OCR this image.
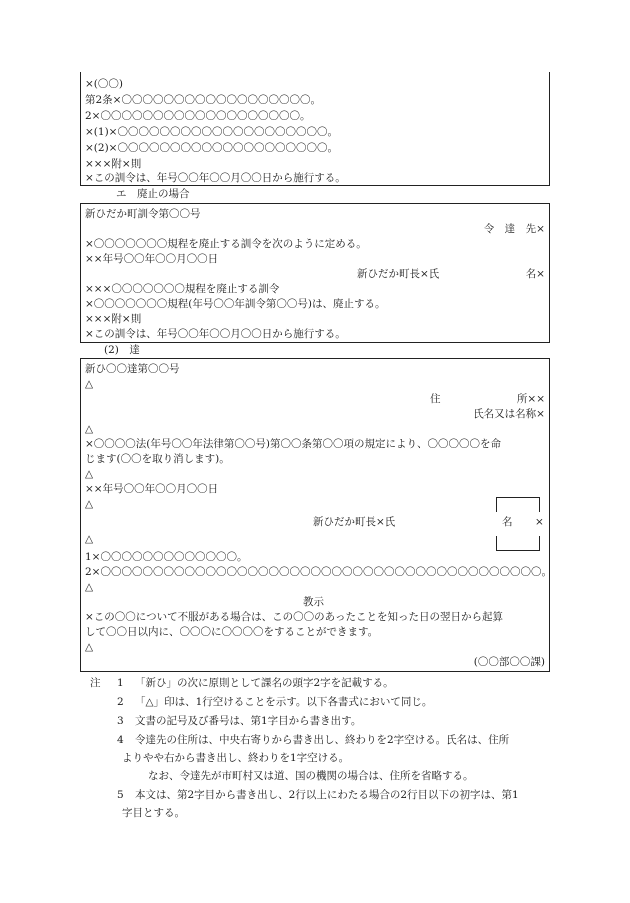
×(〇〇)
第2条×〇〇〇〇〇〇〇〇〇〇〇〇〇〇〇〇〇〇。
2×〇〇〇〇〇〇〇〇〇〇〇〇〇〇〇〇〇〇〇。
×(1)×〇〇〇〇〇〇〇〇〇〇〇〇〇〇〇〇〇〇〇〇。
×(2)×〇〇〇〇〇〇〇〇〇〇〇〇〇〇〇〇〇〇〇〇。
×××附×則
×この訓令は、年号〇〇年〇〇月〇〇日から施行する。
エ　廃止の場合
新ひだか町訓令第〇〇号
令　達　先×
×〇〇〇〇〇〇〇規程を廃止する訓令を次のように定める。
××年号〇〇年〇〇月〇〇日
新ひだか町長×氏	名×
×××〇〇〇〇〇〇〇規程を廃止する訓令
×〇〇〇〇〇〇〇規程(年号〇〇年訓令第〇〇号)は、廃止する。
×××附×則
×この訓令は、年号〇〇年〇〇月〇〇日から施行する。
(2)　達
新ひ〇〇達第〇〇号
△
住	所××
氏名又は名称×
△
×〇〇〇〇法(年号〇〇年法律第〇〇号)第〇〇条第〇〇項の規定により、〇〇〇〇〇を命
じます(〇〇を取り消します)。
△
××年号〇〇年〇〇月〇〇日
△
新ひだか町長×氏
△
1×〇〇〇〇〇〇〇〇〇〇〇〇〇。
2×〇〇〇〇〇〇〇〇〇〇〇〇〇〇〇〇〇〇〇〇〇〇〇〇〇〇〇〇〇〇〇〇〇〇〇〇〇〇〇〇〇〇。
△
教示
×この〇〇について不服がある場合は、この〇〇のあったことを知った日の翌日から起算
して〇〇日以内に、〇〇〇に〇〇〇〇をすることができます。
△
(〇〇部〇〇課)
名 ×
注 1 「新ひ」の次に原則として課名の頭字2字を記載する。
2 「△」印は、1行空けることを示す。以下各書式において同じ。
3 文書の記号及び番号は、第1字目から書き出す。
4 令達先の住所は、中央右寄りから書き出し、終わりを2字空ける。氏名は、住所
よりやや右から書き出し、終わりを1字空ける。
なお、令達先が市町村又は道、国の機関の場合は、住所を省略する。
5 本文は、第2字目から書き出し、2行以上にわたる場合の2行目以下の初字は、第1
字目とする。
